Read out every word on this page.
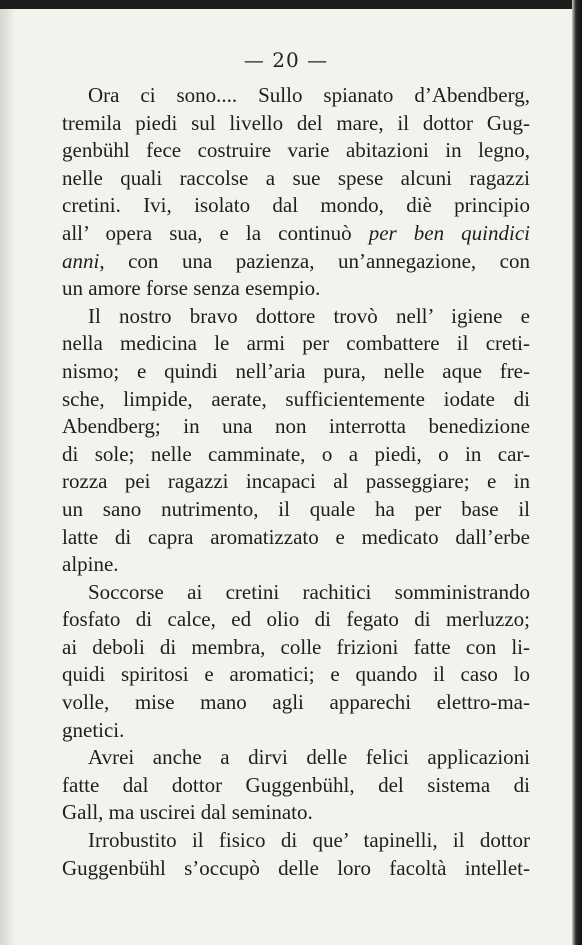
— 20 —
Ora ci sono.... Sullo spianato d’Abendberg,
tremila piedi sul livello del mare, il dottor Gug-
genbühl fece costruire varie abitazioni in legno,
nelle quali raccolse a sue spese alcuni ragazzi
cretini. Ivi, isolato dal mondo, diè principio
all’ opera sua, e la continuò per ben quindici
anni, con una pazienza, un’annegazione, con
un amore forse senza esempio.
Il nostro bravo dottore trovò nell’ igiene e
nella medicina le armi per combattere il creti-
nismo; e quindi nell’aria pura, nelle aque fre-
sche, limpide, aerate, sufficientemente iodate di
Abendberg; in una non interrotta benedizione
di sole; nelle camminate, o a piedi, o in car-
rozza pei ragazzi incapaci al passeggiare; e in
un sano nutrimento, il quale ha per base il
latte di capra aromatizzato e medicato dall’erbe
alpine.
Soccorse ai cretini rachitici somministrando
fosfato di calce, ed olio di fegato di merluzzo;
ai deboli di membra, colle frizioni fatte con li-
quidi spiritosi e aromatici; e quando il caso lo
volle, mise mano agli apparechi elettro-ma-
gnetici.
Avrei anche a dirvi delle felici applicazioni
fatte dal dottor Guggenbühl, del sistema di
Gall, ma uscirei dal seminato.
Irrobustito il fisico di que’ tapinelli, il dottor
Guggenbühl s’occupò delle loro facoltà intellet-
